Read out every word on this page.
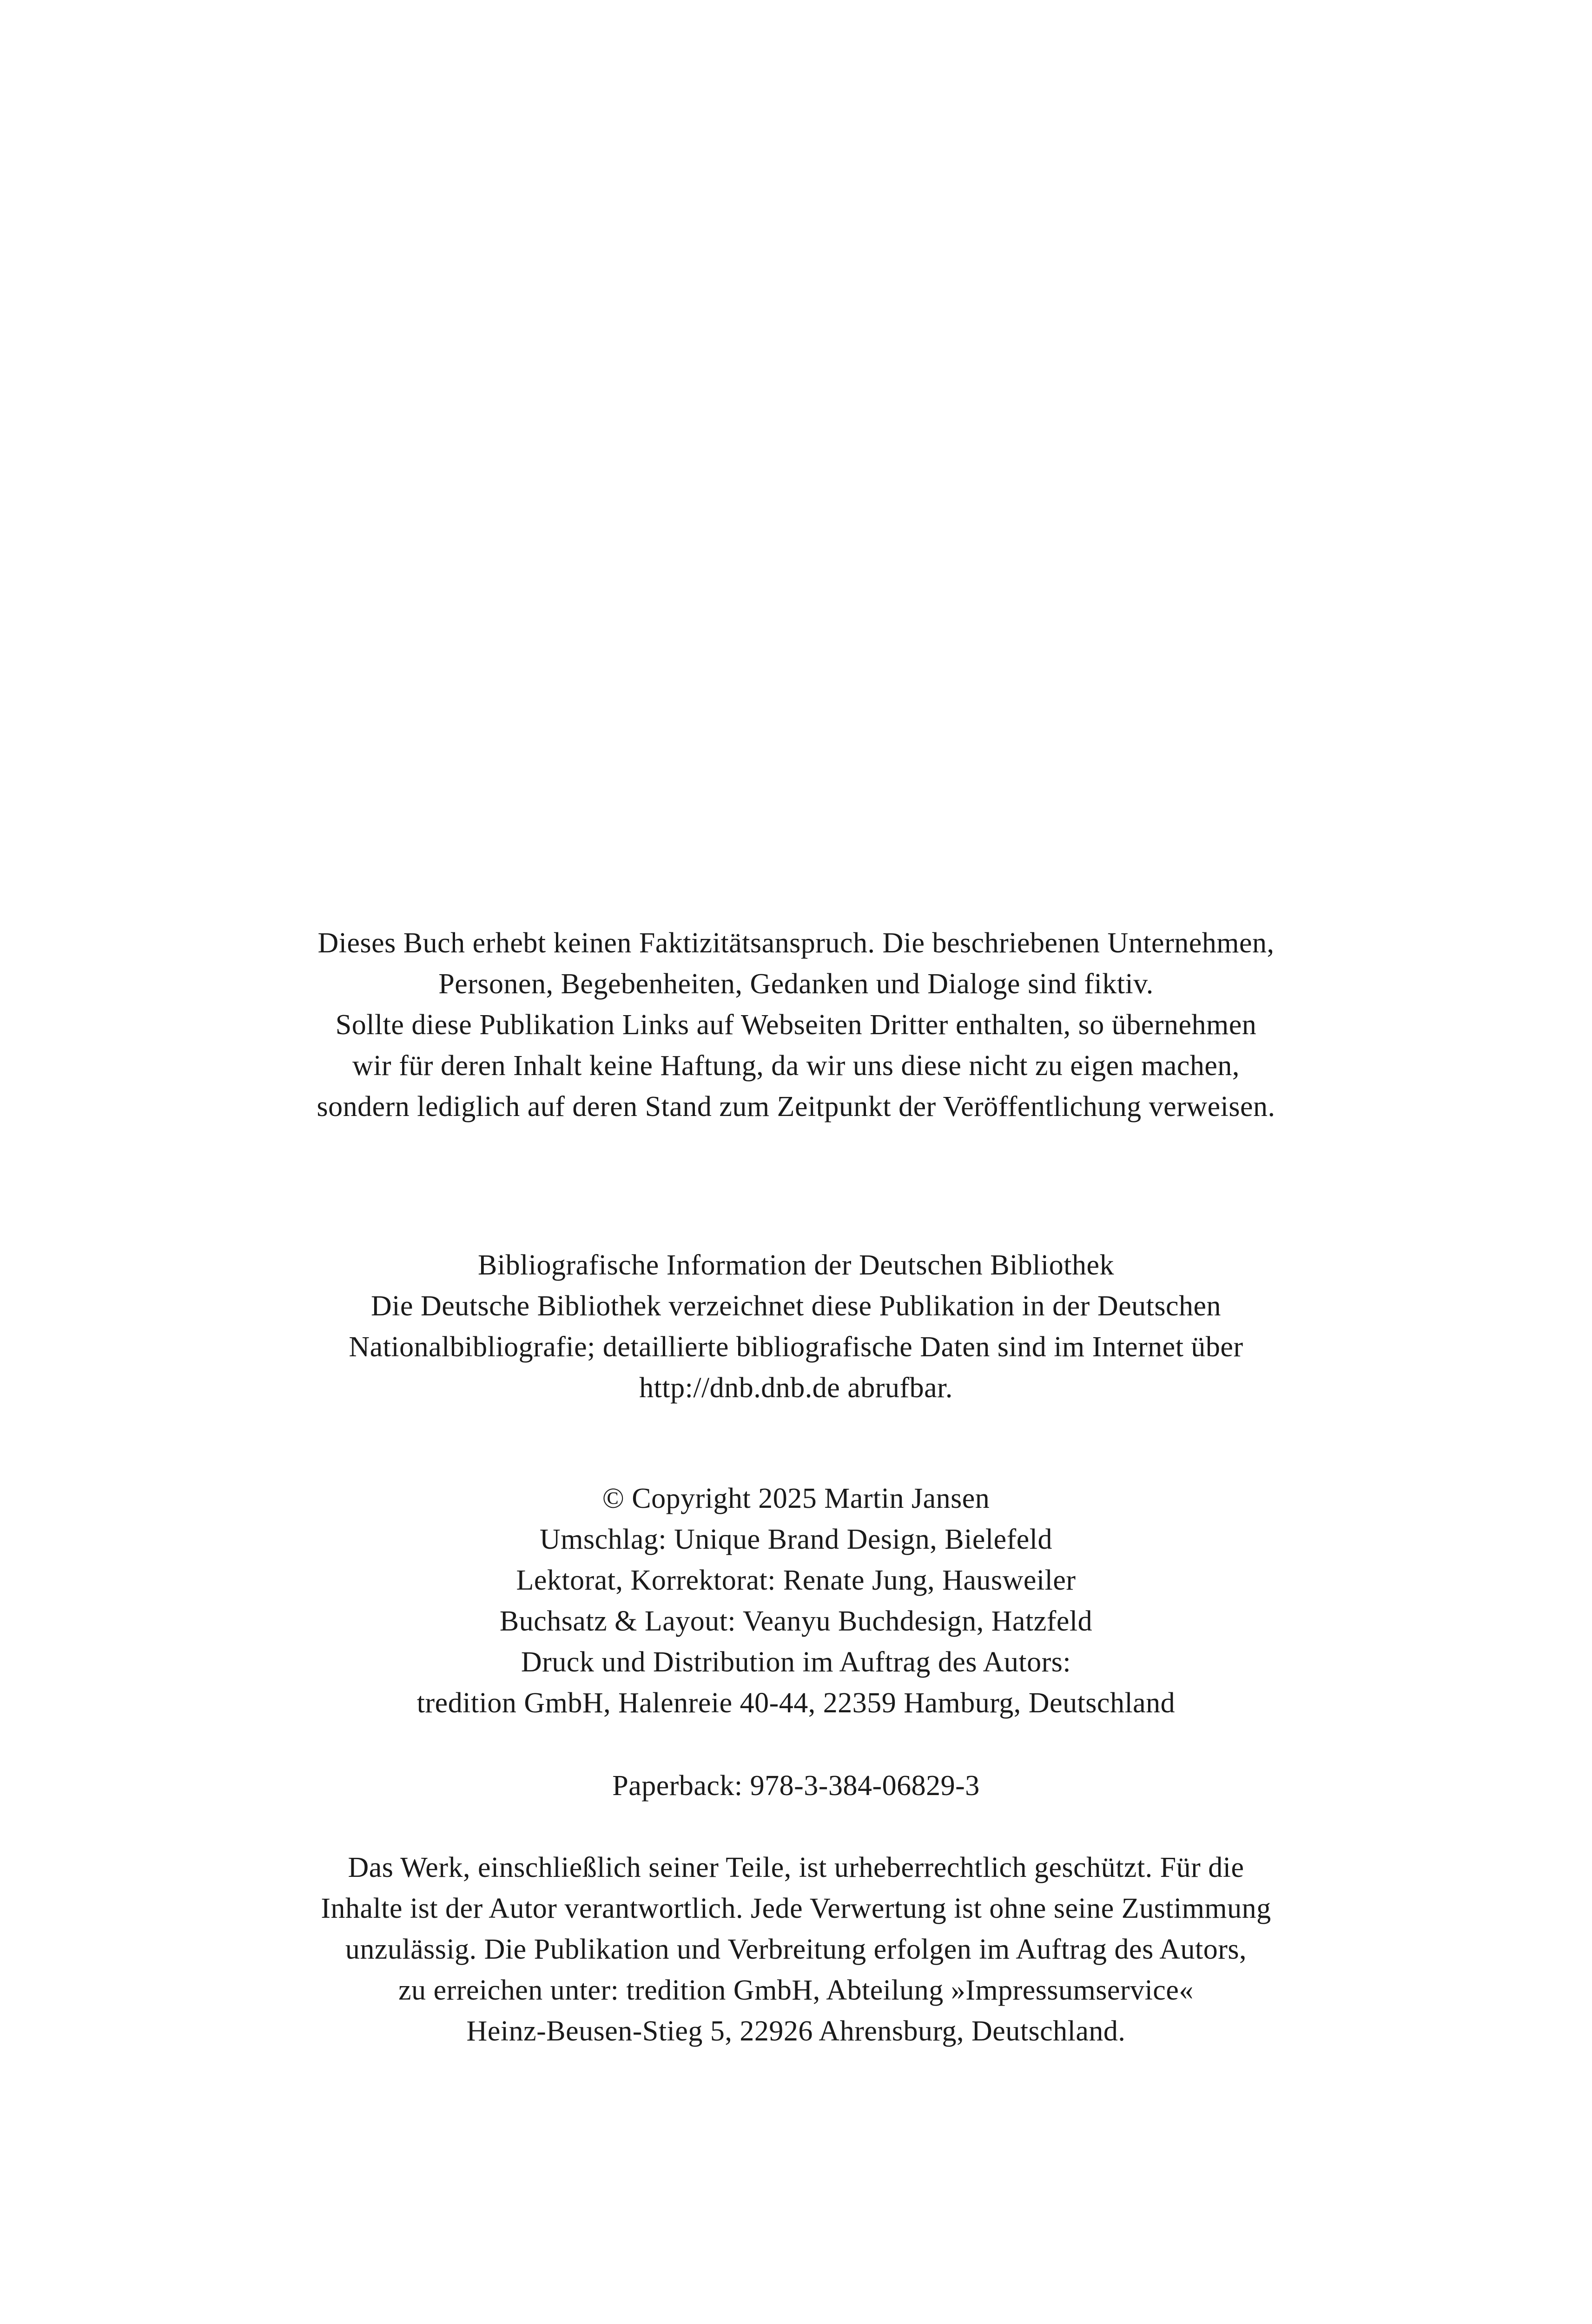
Dieses Buch erhebt keinen Faktizitätsanspruch. Die beschriebenen Unternehmen,
Personen, Begebenheiten, Gedanken und Dialoge sind fiktiv.
Sollte diese Publikation Links auf Webseiten Dritter enthalten, so übernehmen
wir für deren Inhalt keine Haftung, da wir uns diese nicht zu eigen machen,
sondern lediglich auf deren Stand zum Zeitpunkt der Veröffentlichung verweisen.
Bibliografische Information der Deutschen Bibliothek
Die Deutsche Bibliothek verzeichnet diese Publikation in der Deutschen
Nationalbibliografie; detaillierte bibliografische Daten sind im Internet über
http://dnb.dnb.de abrufbar.
© Copyright 2025 Martin Jansen
Umschlag: Unique Brand Design, Bielefeld
Lektorat, Korrektorat: Renate Jung, Hausweiler
Buchsatz & Layout: Veanyu Buchdesign, Hatzfeld
Druck und Distribution im Auftrag des Autors:
tredition GmbH, Halenreie 40-44, 22359 Hamburg, Deutschland
Paperback: 978-3-384-06829-3
Das Werk, einschließlich seiner Teile, ist urheberrechtlich geschützt. Für die
Inhalte ist der Autor verantwortlich. Jede Verwertung ist ohne seine Zustimmung
unzulässig. Die Publikation und Verbreitung erfolgen im Auftrag des Autors,
zu erreichen unter: tredition GmbH, Abteilung »Impressumservice«
Heinz-Beusen-Stieg 5, 22926 Ahrensburg, Deutschland.
